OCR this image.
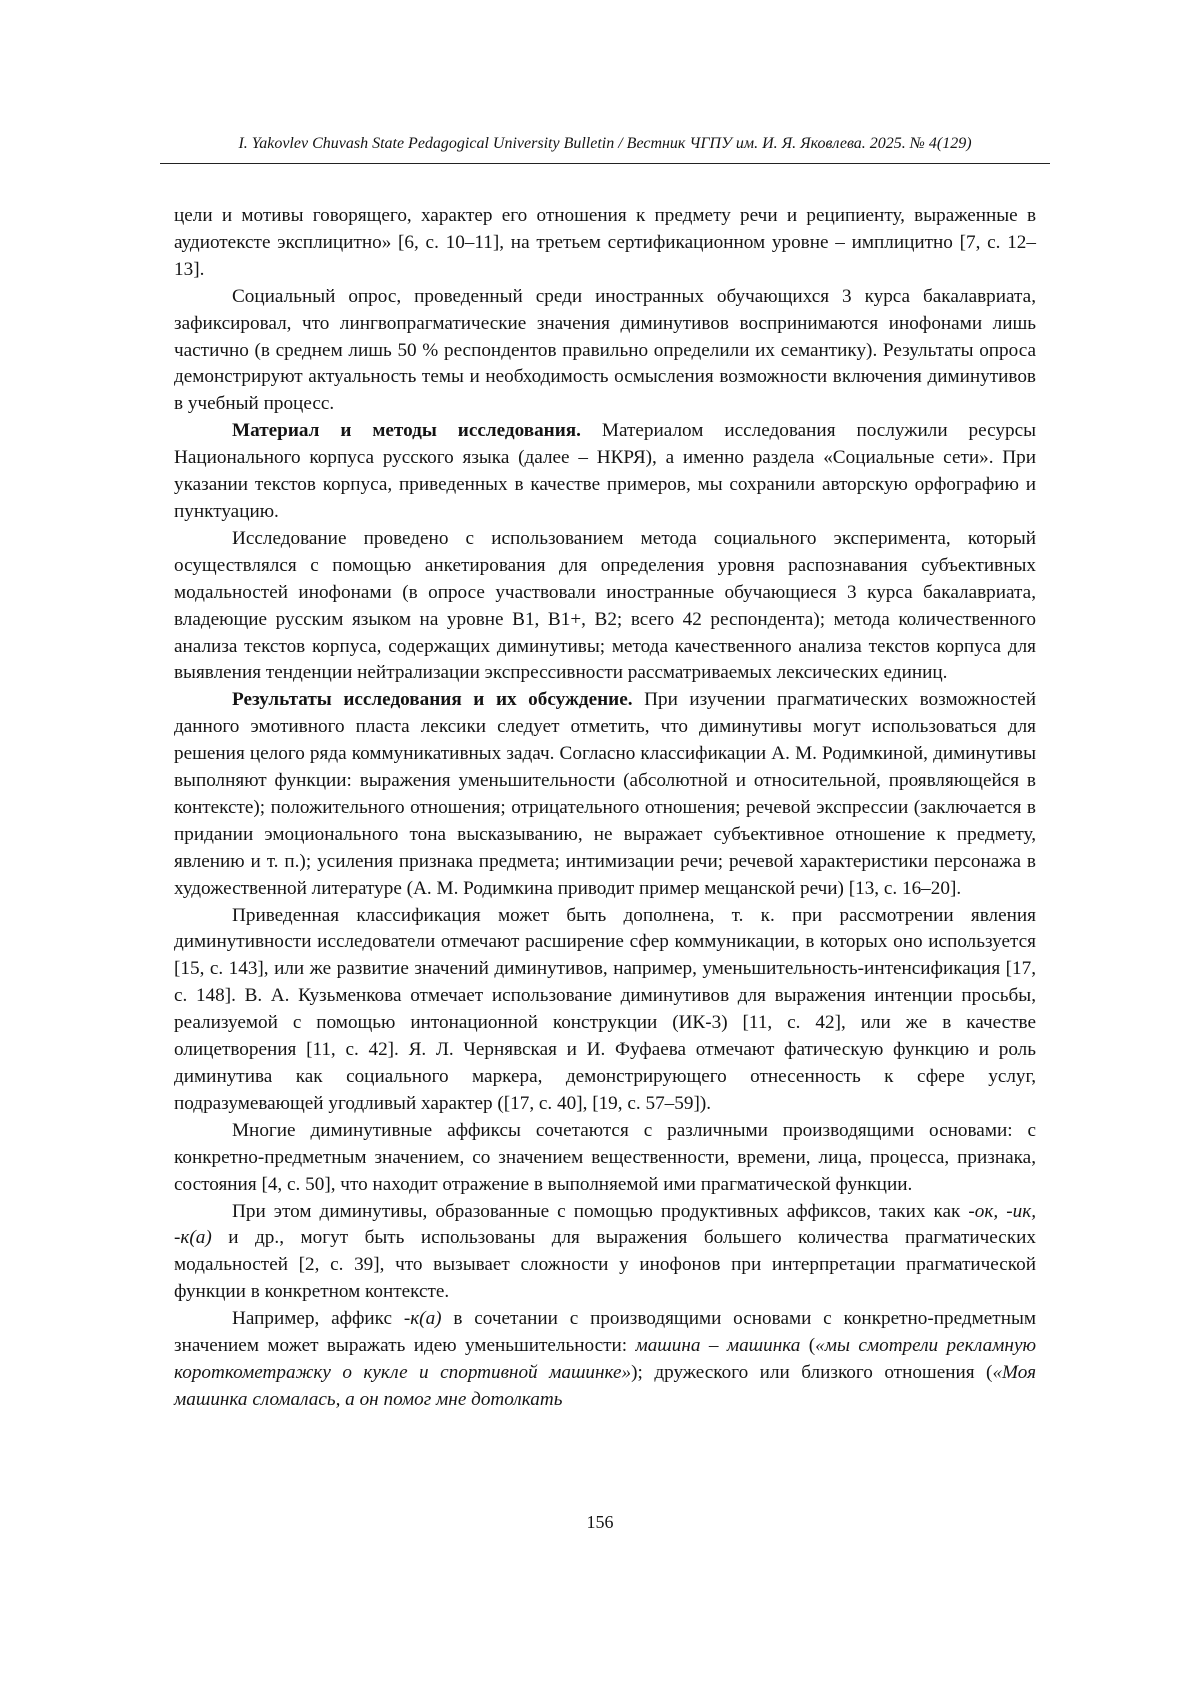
I. Yakovlev Chuvash State Pedagogical University Bulletin / Вестник ЧГПУ им. И. Я. Яковлева. 2025. № 4(129)

цели и мотивы говорящего, характер его отношения к предмету речи и реципиенту, выраженные в аудиотексте эксплицитно» [6, с. 10–11], на третьем сертификационном уровне – имплицитно [7, с. 12–13].

Социальный опрос, проведенный среди иностранных обучающихся 3 курса бакалавриата, зафиксировал, что лингвопрагматические значения диминутивов воспринимаются инофонами лишь частично (в среднем лишь 50 % респондентов правильно определили их семантику). Результаты опроса демонстрируют актуальность темы и необходимость осмысления возможности включения диминутивов в учебный процесс.

Материал и методы исследования. Материалом исследования послужили ресурсы Национального корпуса русского языка (далее – НКРЯ), а именно раздела «Социальные сети». При указании текстов корпуса, приведенных в качестве примеров, мы сохранили авторскую орфографию и пунктуацию.

Исследование проведено с использованием метода социального эксперимента, который осуществлялся с помощью анкетирования для определения уровня распознавания субъективных модальностей инофонами (в опросе участвовали иностранные обучающиеся 3 курса бакалавриата, владеющие русским языком на уровне В1, В1+, В2; всего 42 респондента); метода количественного анализа текстов корпуса, содержащих диминутивы; метода качественного анализа текстов корпуса для выявления тенденции нейтрализации экспрессивности рассматриваемых лексических единиц.

Результаты исследования и их обсуждение. При изучении прагматических возможностей данного эмотивного пласта лексики следует отметить, что диминутивы могут использоваться для решения целого ряда коммуникативных задач. Согласно классификации А. М. Родимкиной, диминутивы выполняют функции: выражения уменьшительности (абсолютной и относительной, проявляющейся в контексте); положительного отношения; отрицательного отношения; речевой экспрессии (заключается в придании эмоционального тона высказыванию, не выражает субъективное отношение к предмету, явлению и т. п.); усиления признака предмета; интимизации речи; речевой характеристики персонажа в художественной литературе (А. М. Родимкина приводит пример мещанской речи) [13, с. 16–20].

Приведенная классификация может быть дополнена, т. к. при рассмотрении явления диминутивности исследователи отмечают расширение сфер коммуникации, в которых оно используется [15, с. 143], или же развитие значений диминутивов, например, уменьшительность-интенсификация [17, с. 148]. В. А. Кузьменкова отмечает использование диминутивов для выражения интенции просьбы, реализуемой с помощью интонационной конструкции (ИК-3) [11, с. 42], или же в качестве олицетворения [11, с. 42]. Я. Л. Чернявская и И. Фуфаева отмечают фатическую функцию и роль диминутива как социального маркера, демонстрирующего отнесенность к сфере услуг, подразумевающей угодливый характер ([17, с. 40], [19, с. 57–59]).

Многие диминутивные аффиксы сочетаются с различными производящими основами: с конкретно-предметным значением, со значением вещественности, времени, лица, процесса, признака, состояния [4, с. 50], что находит отражение в выполняемой ими прагматической функции.

При этом диминутивы, образованные с помощью продуктивных аффиксов, таких как -ок, -ик, -к(а) и др., могут быть использованы для выражения большего количества прагматических модальностей [2, с. 39], что вызывает сложности у инофонов при интерпретации прагматической функции в конкретном контексте.

Например, аффикс -к(а) в сочетании с производящими основами с конкретно-предметным значением может выражать идею уменьшительности: машина – машинка («мы смотрели рекламную короткометражку о кукле и спортивной машинке»); дружеского или близкого отношения («Моя машинка сломалась, а он помог мне дотолкать

156
